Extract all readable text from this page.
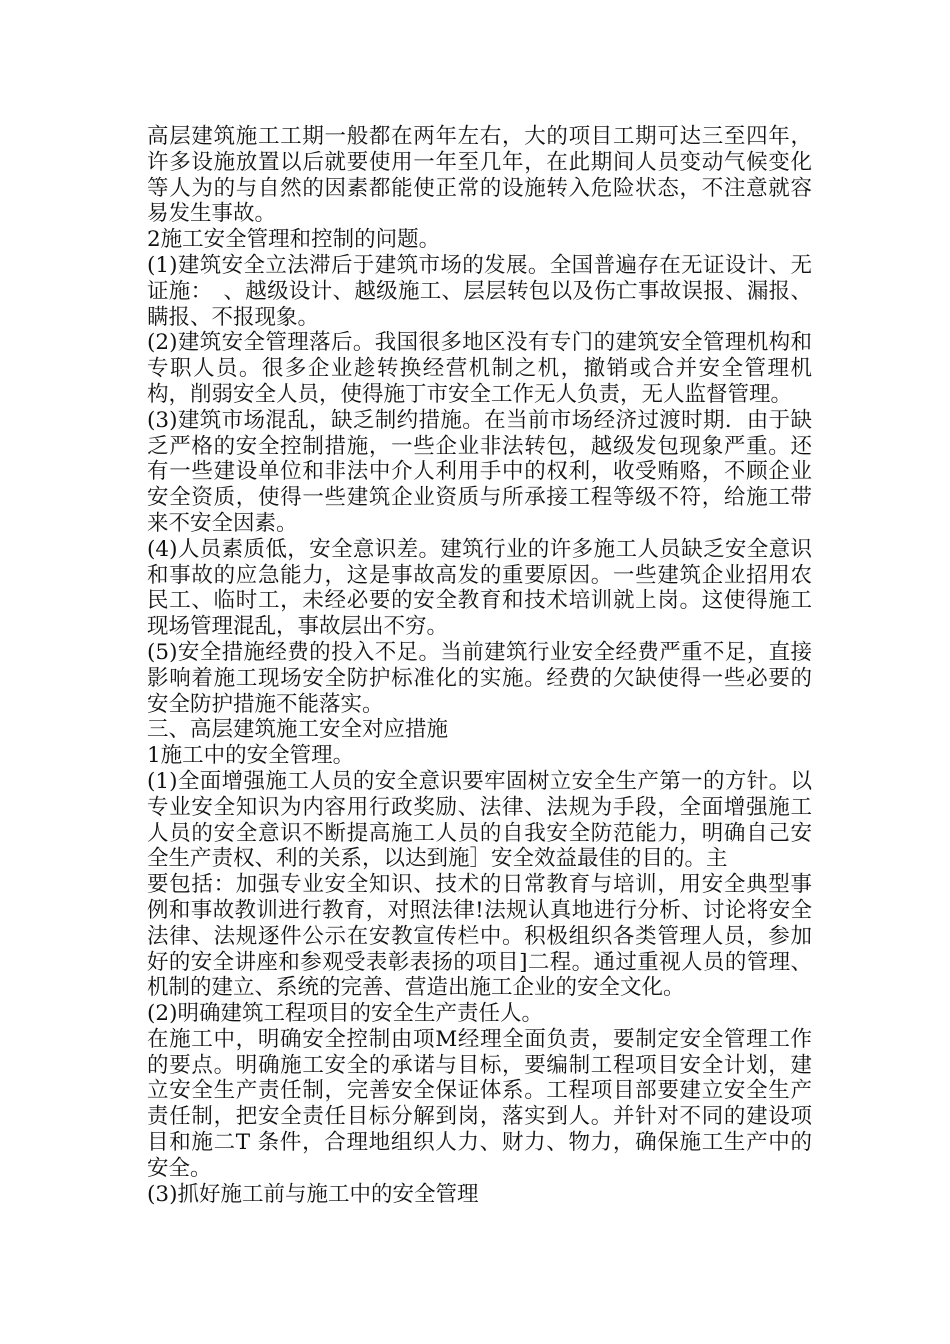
高层建筑施工工期一般都在两年左右，大的项目工期可达三至四年，许多设施放置以后就要使用一年至几年，在此期间人员变动气候变化等人为的与自然的因素都能使正常的设施转入危险状态，不注意就容易发生事故。

2施工安全管理和控制的问题。

(1)建筑安全立法滞后于建筑市场的发展。全国普遍存在无证设计、无证施：　、越级设计、越级施工、层层转包以及伤亡事故误报、漏报、瞒报、不报现象。

(2)建筑安全管理落后。我国很多地区没有专门的建筑安全管理机构和专职人员。很多企业趁转换经营机制之机，撤销或合并安全管理机构，削弱安全人员，使得施丁市安全工作无人负责，无人监督管理。

(3)建筑市场混乱，缺乏制约措施。在当前市场经济过渡时期．由于缺乏严格的安全控制措施，一些企业非法转包，越级发包现象严重。还有一些建设单位和非法中介人利用手中的权利，收受贿赂，不顾企业安全资质，使得一些建筑企业资质与所承接工程等级不符，给施工带来不安全因素。

(4)人员素质低，安全意识差。建筑行业的许多施工人员缺乏安全意识和事故的应急能力，这是事故高发的重要原因。一些建筑企业招用农民工、临时工，未经必要的安全教育和技术培训就上岗。这使得施工现场管理混乱，事故层出不穷。

(5)安全措施经费的投入不足。当前建筑行业安全经费严重不足，直接影响着施工现场安全防护标准化的实施。经费的欠缺使得一些必要的安全防护措施不能落实。

三、高层建筑施工安全对应措施

1施工中的安全管理。

(1)全面增强施工人员的安全意识要牢固树立安全生产第一的方针。以专业安全知识为内容用行政奖励、法律、法规为手段，全面增强施工人员的安全意识不断提高施工人员的自我安全防范能力，明确自己安全生产责权、利的关系，以达到施］安全效益最佳的目的。主

要包括：加强专业安全知识、技术的日常教育与培训，用安全典型事例和事故教训进行教育，对照法律!法规认真地进行分析、讨论将安全法律、法规逐件公示在安教宣传栏中。积极组织各类管理人员，参加好的安全讲座和参观受表彰表扬的项目]二程。通过重视人员的管理、机制的建立、系统的完善、营造出施工企业的安全文化。

(2)明确建筑工程项目的安全生产责任人。

在施工中，明确安全控制由项M经理全面负责，要制定安全管理工作的要点。明确施工安全的承诺与目标，要编制工程项目安全计划，建立安全生产责任制，完善安全保证体系。工程项目部要建立安全生产责任制，把安全责任目标分解到岗，落实到人。并针对不同的建设项目和施二T 条件，合理地组织人力、财力、物力，确保施工生产中的安全。

(3)抓好施工前与施工中的安全管理
